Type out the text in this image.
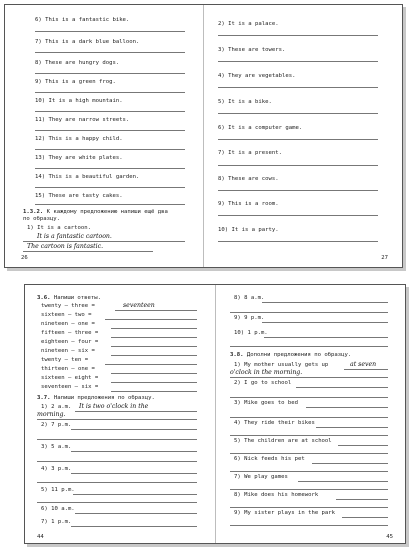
6) This is a fantastic bike.
7) This is a dark blue balloon.
8) These are hungry dogs.
9) This is a green frog.
10) It is a high mountain.
11) They are narrow streets.
12) This is a happy child.
13) They are white plates.
14) This is a beautiful garden.
15) These are tasty cakes.
1.3.2. К каждому предложению напиши ещё два
по образцу.
1) It is a cartoon.
It is a fantastic cartoon.
The cartoon is fantastic.
26
2) It is a palace.
3) These are towers.
4) They are vegetables.
5) It is a bike.
6) It is a computer game.
7) It is a present.
8) These are cows.
9) This is a room.
10) It is a party.
27
3.6. Напиши ответы.
twenty – three =	seventeen
sixteen – two =
nineteen – one =
fifteen – three =
eighteen – four =
nineteen – six =
twenty – ten =
thirteen – one =
sixteen – eight =
seventeen – six =
3.7. Напиши предложения по образцу.
1) 2 a.m. It is two o'clock in the
morning.
2) 7 p.m.
3) 5 a.m.
4) 3 p.m.
5) 11 p.m.
6) 10 a.m.
7) 1 p.m.
44
8) 8 a.m.
9) 9 p.m.
10) 1 p.m.
3.8. Дополни предложения по образцу.
1) My mother usually gets up	at seven
o'clock in the morning.
2) I go to school
3) Mike goes to bed
4) They ride their bikes
5) The children are at school
6) Nick feeds his pet
7) We play games
8) Mike does his homework
9) My sister plays in the park
45
